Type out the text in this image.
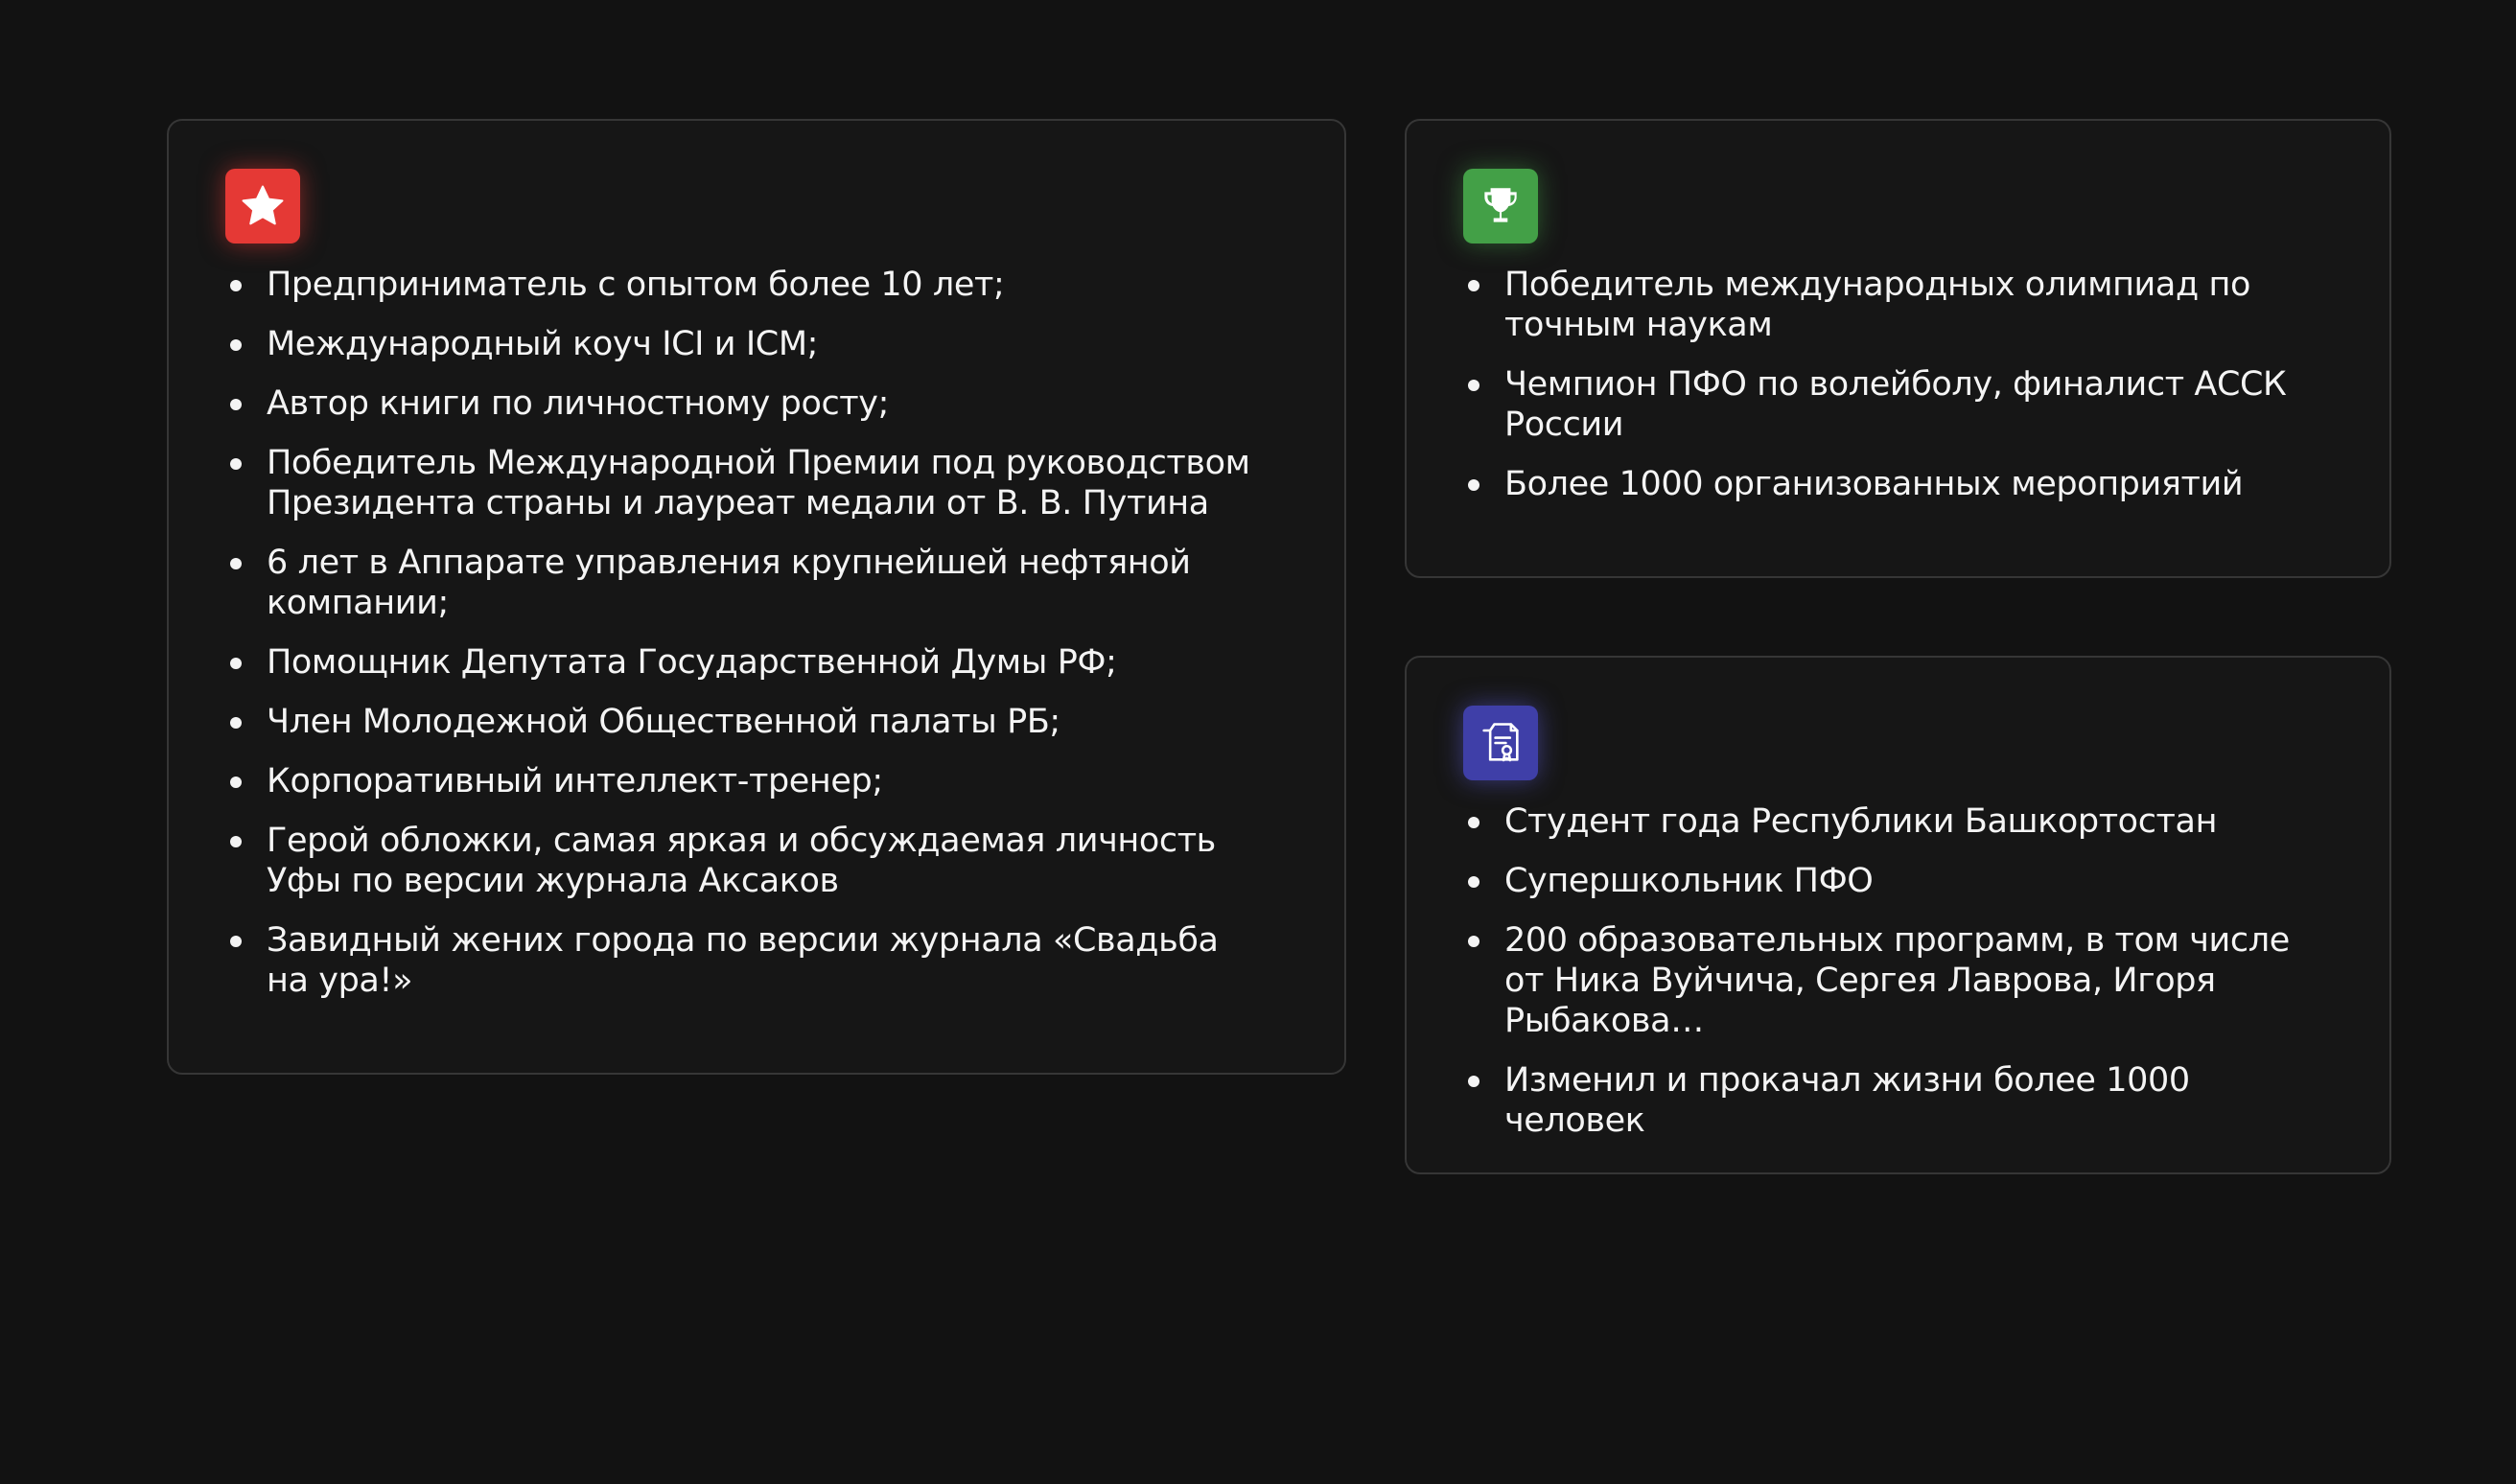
Предприниматель с опытом более 10 лет;
Международный коуч ICI и ICM;
Автор книги по личностному росту;
Победитель Международной Премии под руководством Президента страны и лауреат медали от В. В. Путина
6 лет в Аппарате управления крупнейшей нефтяной компании;
Помощник Депутата Государственной Думы РФ;
Член Молодежной Общественной палаты РБ;
Корпоративный интеллект-тренер;
Герой обложки, самая яркая и обсуждаемая личность Уфы по версии журнала Аксаков
Завидный жених города по версии журнала «Свадьба на ура!»
Победитель международных олимпиад по точным наукам
Чемпион ПФО по волейболу, финалист АССК России
Более 1000 организованных мероприятий
Студент года Республики Башкортостан
Супершкольник ПФО
200 образовательных программ, в том числе от Ника Вуйчича, Сергея Лаврова, Игоря Рыбакова…
Изменил и прокачал жизни более 1000 человек
